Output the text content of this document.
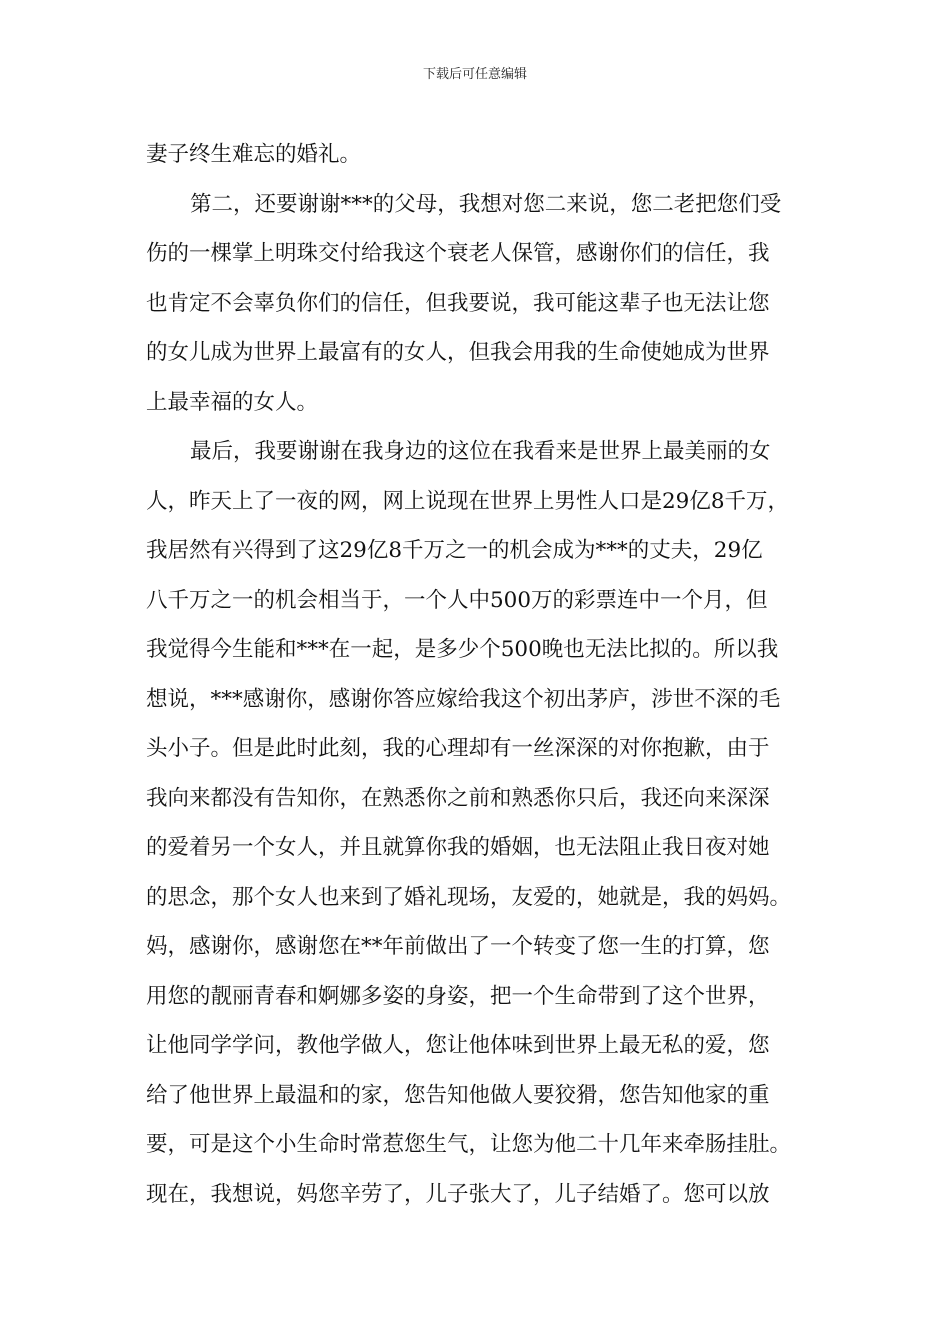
下载后可任意编辑
妻子终生难忘的婚礼。
第二，还要谢谢***的父母，我想对您二来说，您二老把您们受
伤的一棵掌上明珠交付给我这个衰老人保管，感谢你们的信任，我
也肯定不会辜负你们的信任，但我要说，我可能这辈子也无法让您
的女儿成为世界上最富有的女人，但我会用我的生命使她成为世界
上最幸福的女人。
最后，我要谢谢在我身边的这位在我看来是世界上最美丽的女
人，昨天上了一夜的网，网上说现在世界上男性人口是29亿8千万，
我居然有兴得到了这29亿8千万之一的机会成为***的丈夫，29亿
八千万之一的机会相当于，一个人中500万的彩票连中一个月，但
我觉得今生能和***在一起，是多少个500晚也无法比拟的。所以我
想说，***感谢你，感谢你答应嫁给我这个初出茅庐，涉世不深的毛
头小子。但是此时此刻，我的心理却有一丝深深的对你抱歉，由于
我向来都没有告知你，在熟悉你之前和熟悉你只后，我还向来深深
的爱着另一个女人，并且就算你我的婚姻，也无法阻止我日夜对她
的思念，那个女人也来到了婚礼现场，友爱的，她就是，我的妈妈。
妈，感谢你，感谢您在**年前做出了一个转变了您一生的打算，您
用您的靓丽青春和婀娜多姿的身姿，把一个生命带到了这个世界，
让他同学学问，教他学做人，您让他体味到世界上最无私的爱，您
给了他世界上最温和的家，您告知他做人要狡猾，您告知他家的重
要，可是这个小生命时常惹您生气，让您为他二十几年来牵肠挂肚。
现在，我想说，妈您辛劳了，儿子张大了，儿子结婚了。您可以放
